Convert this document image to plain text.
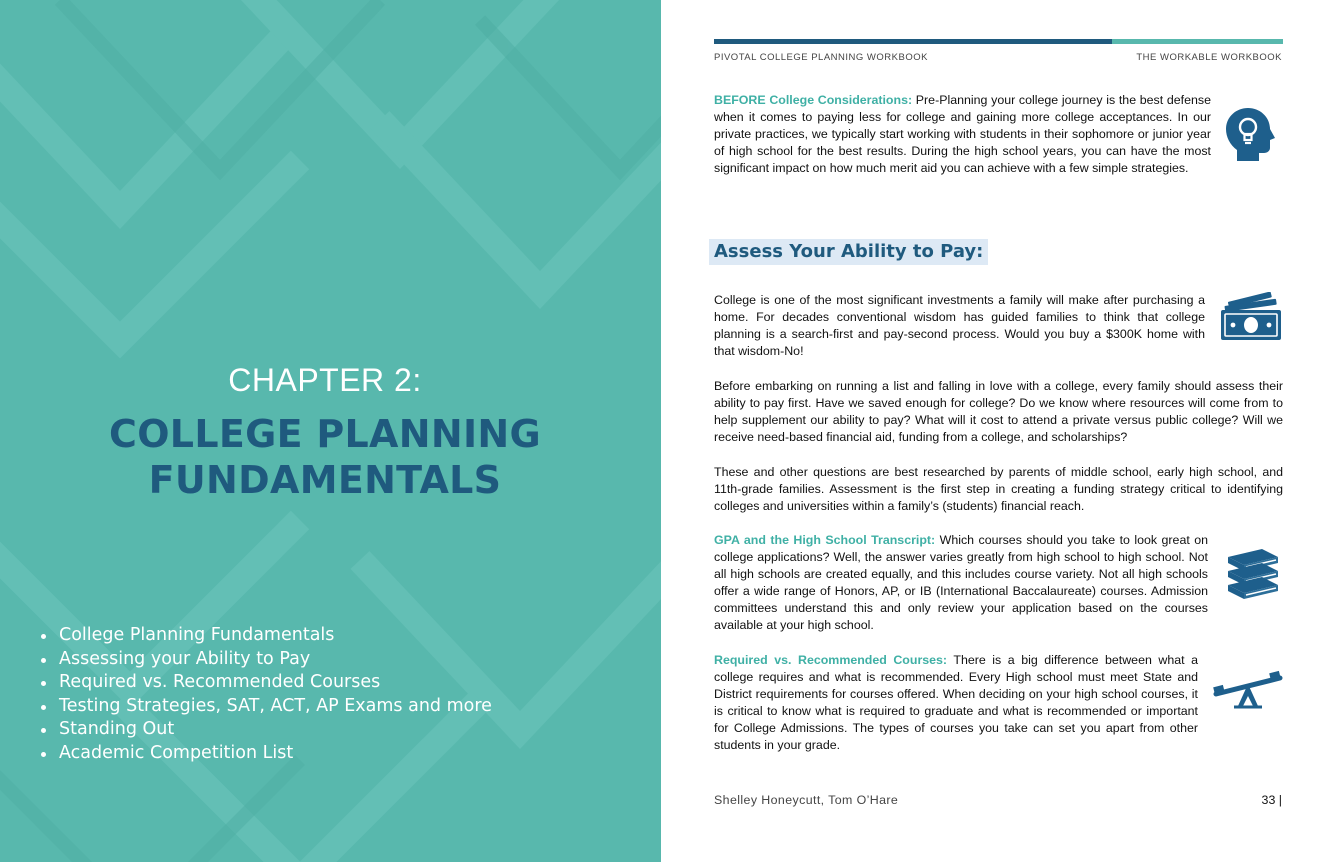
CHAPTER 2:
COLLEGE PLANNING
FUNDAMENTALS
College Planning Fundamentals
Assessing your Ability to Pay
Required vs. Recommended Courses
Testing Strategies, SAT, ACT, AP Exams and more
Standing Out
Academic Competition List
PIVOTAL COLLEGE PLANNING WORKBOOK	THE WORKABLE WORKBOOK
BEFORE College Considerations: Pre-Planning your college journey is the best defense when it comes to paying less for college and gaining more college acceptances. In our private practices, we typically start working with students in their sophomore or junior year of high school for the best results. During the high school years, you can have the most significant impact on how much merit aid you can achieve with a few simple strategies.
Assess Your Ability to Pay:
College is one of the most significant investments a family will make after purchasing a home. For decades conventional wisdom has guided families to think that college planning is a search-first and pay-second process. Would you buy a $300K home with that wisdom-No!
Before embarking on running a list and falling in love with a college, every family should assess their ability to pay first. Have we saved enough for college? Do we know where resources will come from to help supplement our ability to pay? What will it cost to attend a private versus public college? Will we receive need-based financial aid, funding from a college, and scholarships?
These and other questions are best researched by parents of middle school, early high school, and 11th-grade families. Assessment is the first step in creating a funding strategy critical to identifying colleges and universities within a family’s (students) financial reach.
GPA and the High School Transcript: Which courses should you take to look great on college applications? Well, the answer varies greatly from high school to high school. Not all high schools are created equally, and this includes course variety. Not all high schools offer a wide range of Honors, AP, or IB (International Baccalaureate) courses. Admission committees understand this and only review your application based on the courses available at your high school.
Required vs. Recommended Courses: There is a big difference between what a college requires and what is recommended. Every High school must meet State and District requirements for courses offered. When deciding on your high school courses, it is critical to know what is required to graduate and what is recommended or important for College Admissions. The types of courses you take can set you apart from other students in your grade.
Shelley Honeycutt, Tom O’Hare	33 |
